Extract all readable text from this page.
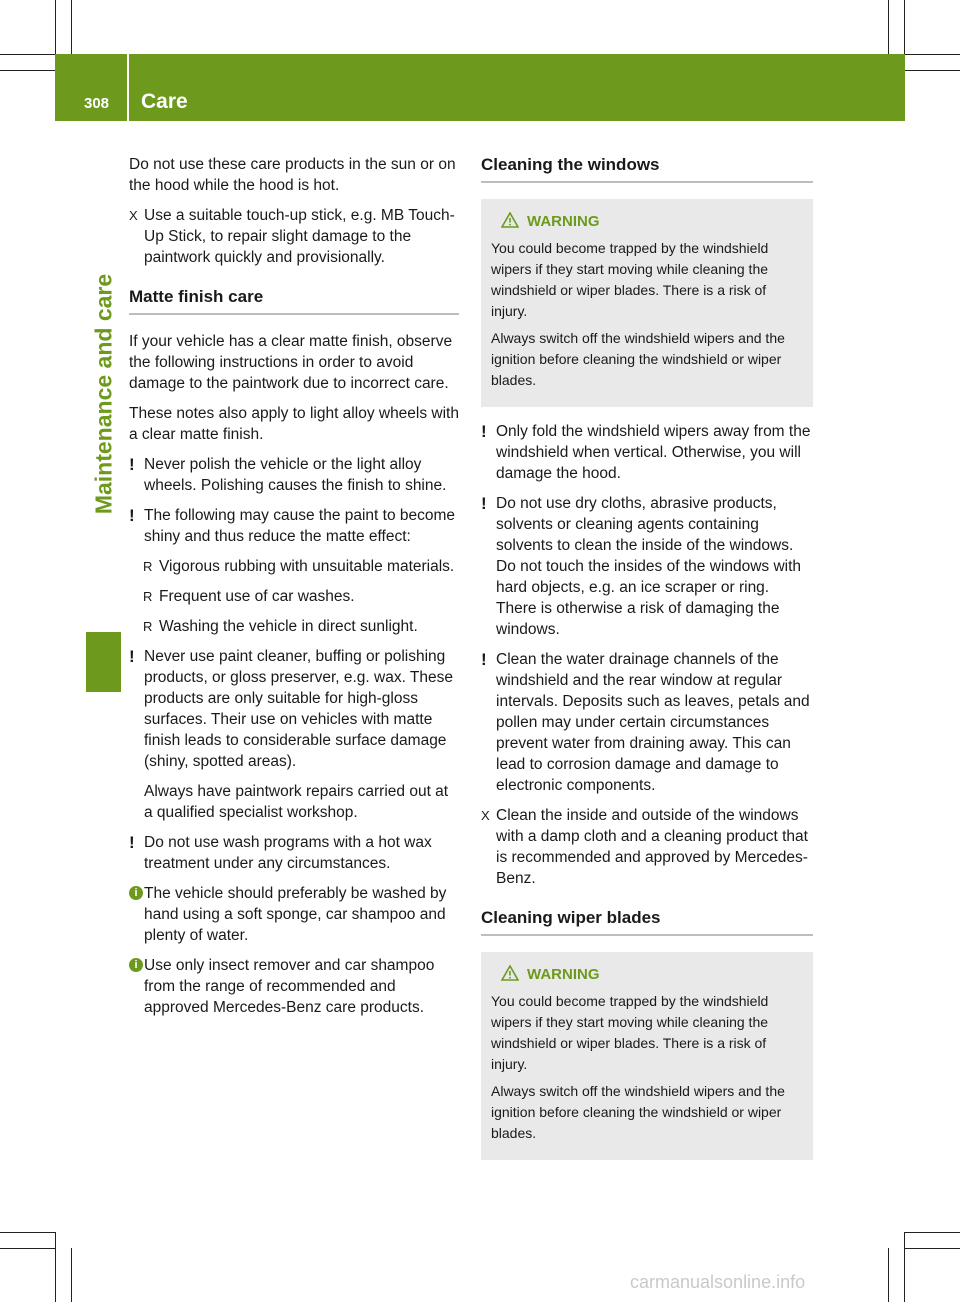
308 Care
Maintenance and care

Do not use these care products in the sun or on the hood while the hood is hot.

X Use a suitable touch-up stick, e.g. MB Touch-Up Stick, to repair slight damage to the paintwork quickly and provisionally.
Matte finish care

If your vehicle has a clear matte finish, observe the following instructions in order to avoid damage to the paintwork due to incorrect care.

These notes also apply to light alloy wheels with a clear matte finish.

! Never polish the vehicle or the light alloy wheels. Polishing causes the finish to shine.
! The following may cause the paint to become shiny and thus reduce the matte effect:
R Vigorous rubbing with unsuitable materials.
R Frequent use of car washes.
R Washing the vehicle in direct sunlight.
! Never use paint cleaner, buffing or polishing products, or gloss preserver, e.g. wax. These products are only suitable for high-gloss surfaces. Their use on vehicles with matte finish leads to considerable surface damage (shiny, spotted areas).

Always have paintwork repairs carried out at a qualified specialist workshop.

! Do not use wash programs with a hot wax treatment under any circumstances.
i The vehicle should preferably be washed by hand using a soft sponge, car shampoo and plenty of water.
i Use only insect remover and car shampoo from the range of recommended and approved Mercedes-Benz care products.
Cleaning the windows
WARNING

You could become trapped by the windshield wipers if they start moving while cleaning the windshield or wiper blades. There is a risk of injury.

Always switch off the windshield wipers and the ignition before cleaning the windshield or wiper blades.

! Only fold the windshield wipers away from the windshield when vertical. Otherwise, you will damage the hood.
! Do not use dry cloths, abrasive products, solvents or cleaning agents containing solvents to clean the inside of the windows. Do not touch the insides of the windows with hard objects, e.g. an ice scraper or ring. There is otherwise a risk of damaging the windows.
! Clean the water drainage channels of the windshield and the rear window at regular intervals. Deposits such as leaves, petals and pollen may under certain circumstances prevent water from draining away. This can lead to corrosion damage and damage to electronic components.
X Clean the inside and outside of the windows with a damp cloth and a cleaning product that is recommended and approved by Mercedes-Benz.
Cleaning wiper blades
WARNING

You could become trapped by the windshield wipers if they start moving while cleaning the windshield or wiper blades. There is a risk of injury.

Always switch off the windshield wipers and the ignition before cleaning the windshield or wiper blades.

carmanualsonline.info
